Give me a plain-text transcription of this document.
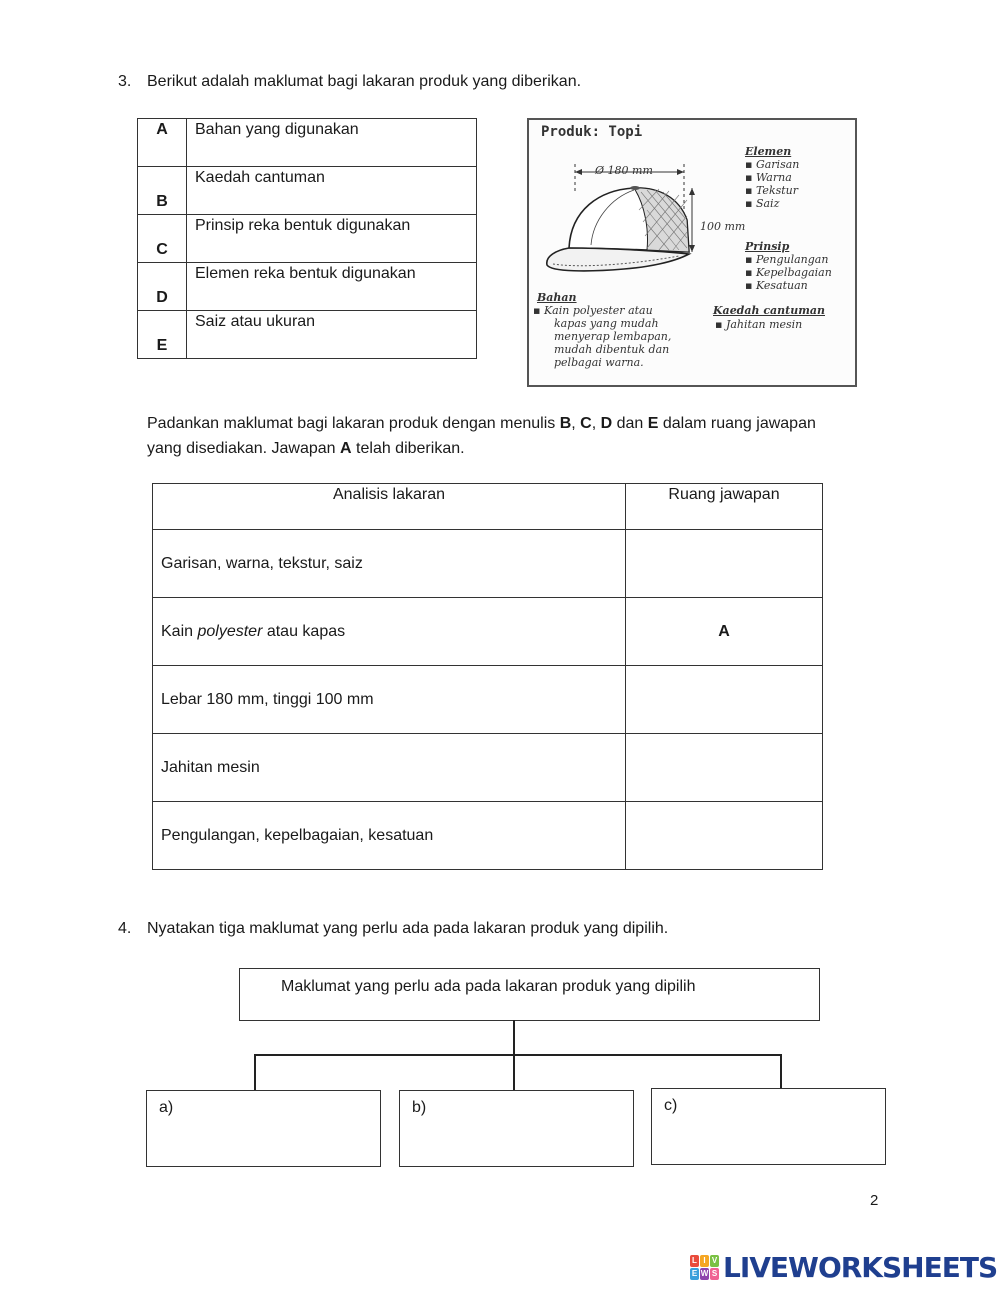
3. Berikut adalah maklumat bagi lakaran produk yang diberikan.
A	Bahan yang digunakan

B	Kaedah cantuman

C	Prinsip reka bentuk digunakan

D	Elemen reka bentuk digunakan

E	Saiz atau ukuran
Produk: Topi
Ø 180 mm
100 mm
Elemen
▪ Garisan
▪ Warna
▪ Tekstur
▪ Saiz
Prinsip
▪ Pengulangan
▪ Kepelbagaian
▪ Kesatuan
Bahan
▪ Kain polyester atau
kapas yang mudah
menyerap lembapan,
mudah dibentuk dan
pelbagai warna.
Kaedah cantuman
▪ Jahitan mesin
Padankan maklumat bagi lakaran produk dengan menulis B, C, D dan E dalam ruang jawapan yang disediakan. Jawapan A telah diberikan.
Analisis lakaran	Ruang jawapan
Garisan, warna, tekstur, saiz	
Kain polyester atau kapas	A
Lebar 180 mm, tinggi 100 mm	
Jahitan mesin	
Pengulangan, kepelbagaian, kesatuan	
4. Nyatakan tiga maklumat yang perlu ada pada lakaran produk yang dipilih.
Maklumat yang perlu ada pada lakaran produk yang dipilih
a)	b)	c)
2
L I V
E W S LIVEWORKSHEETS
